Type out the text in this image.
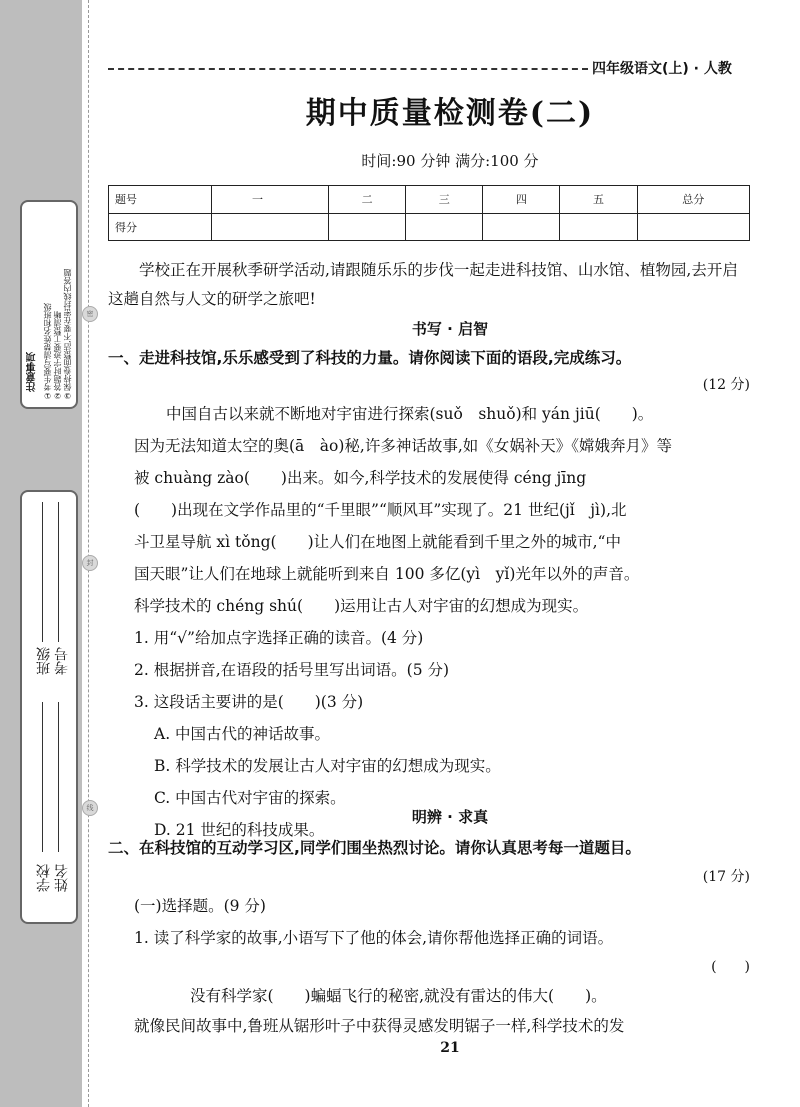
密
封
线
注意事项 ①考生要写清楚姓名和班级 ②答题时字迹要工整清晰 ③保持卷面整洁,不要在密封线内答题
班级 考号
学校 姓名
四年级语文(上) · 人教
期中质量检测卷(二)
时间:90 分钟 满分:100 分
题号	一	二	三	四	五	总分
得分						
学校正在开展秋季研学活动,请跟随乐乐的步伐一起走进科技馆、山水馆、植物园,去开启这趟自然与人文的研学之旅吧!
书写 · 启智
一、走进科技馆,乐乐感受到了科技的力量。请你阅读下面的语段,完成练习。
(12 分)
中国自古以来就不断地对宇宙进行探索(suǒ　shuǒ)和 yán jiū(　　)。
因为无法知道太空的奥(ā　ào)秘,许多神话故事,如《女娲补天》《嫦娥奔月》等
被 chuàng zào(　　)出来。如今,科学技术的发展使得 céng jīng
(　　)出现在文学作品里的“千里眼”“顺风耳”实现了。21 世纪(jǐ　jì),北
斗卫星导航 xì tǒng(　　)让人们在地图上就能看到千里之外的城市,“中
国天眼”让人们在地球上就能听到来自 100 多亿(yì　yǐ)光年以外的声音。
科学技术的 chéng shú(　　)运用让古人对宇宙的幻想成为现实。
1. 用“√”给加点字选择正确的读音。(4 分)
2. 根据拼音,在语段的括号里写出词语。(5 分)
3. 这段话主要讲的是(　　)(3 分)
A. 中国古代的神话故事。
B. 科学技术的发展让古人对宇宙的幻想成为现实。
C. 中国古代对宇宙的探索。
D. 21 世纪的科技成果。
明辨 · 求真
二、在科技馆的互动学习区,同学们围坐热烈讨论。请你认真思考每一道题目。
(17 分)
(一)选择题。(9 分)
1. 读了科学家的故事,小语写下了他的体会,请你帮他选择正确的词语。
(　　)
没有科学家(　　)蝙蝠飞行的秘密,就没有雷达的伟大(　　)。
就像民间故事中,鲁班从锯形叶子中获得灵感发明锯子一样,科学技术的发
21
